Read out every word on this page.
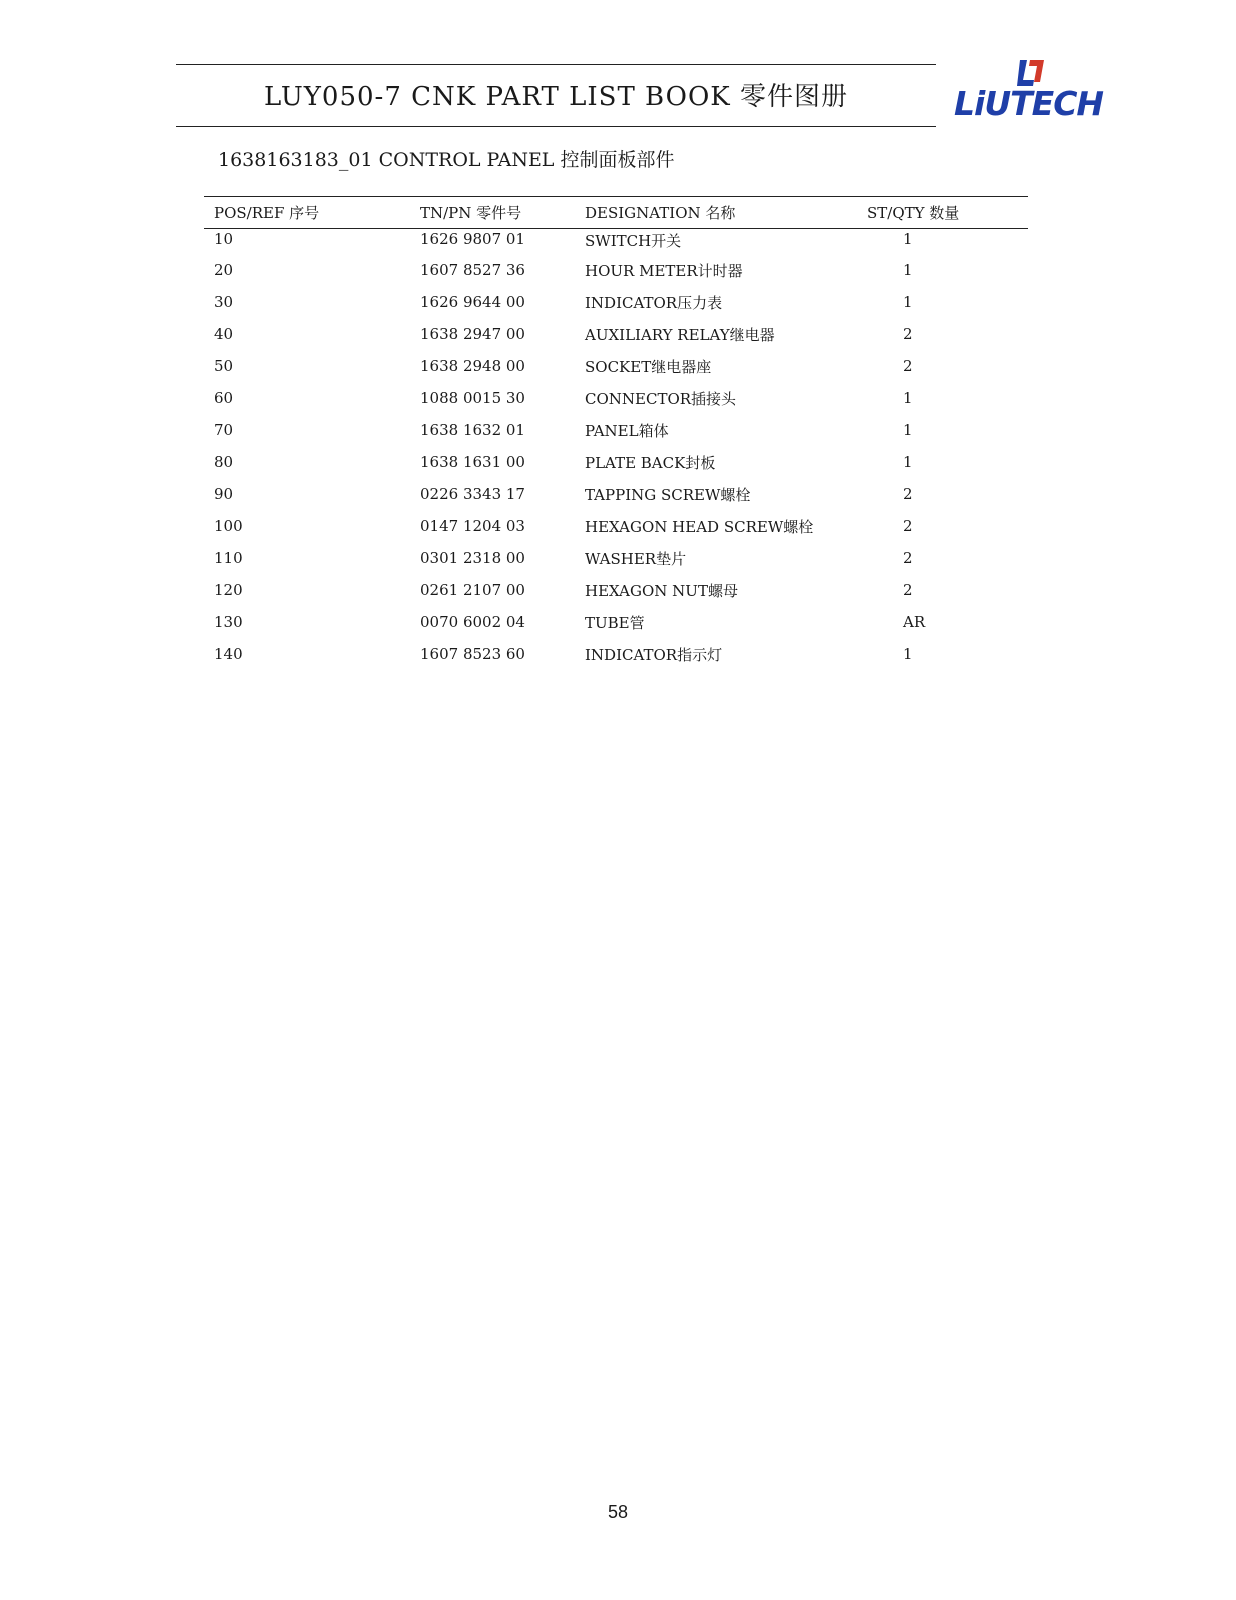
LUY050-7 CNK PART LIST BOOK 零件图册	LiUTECH
1638163183_01 CONTROL PANEL 控制面板部件
POS/REF 序号	TN/PN 零件号	DESIGNATION 名称	ST/QTY 数量
10	1626 9807 01	SWITCH开关	1
20	1607 8527 36	HOUR METER计时器	1
30	1626 9644 00	INDICATOR压力表	1
40	1638 2947 00	AUXILIARY RELAY继电器	2
50	1638 2948 00	SOCKET继电器座	2
60	1088 0015 30	CONNECTOR插接头	1
70	1638 1632 01	PANEL箱体	1
80	1638 1631 00	PLATE BACK封板	1
90	0226 3343 17	TAPPING SCREW螺栓	2
100	0147 1204 03	HEXAGON HEAD SCREW螺栓	2
110	0301 2318 00	WASHER垫片	2
120	0261 2107 00	HEXAGON NUT螺母	2
130	0070 6002 04	TUBE管	AR
140	1607 8523 60	INDICATOR指示灯	1
58
